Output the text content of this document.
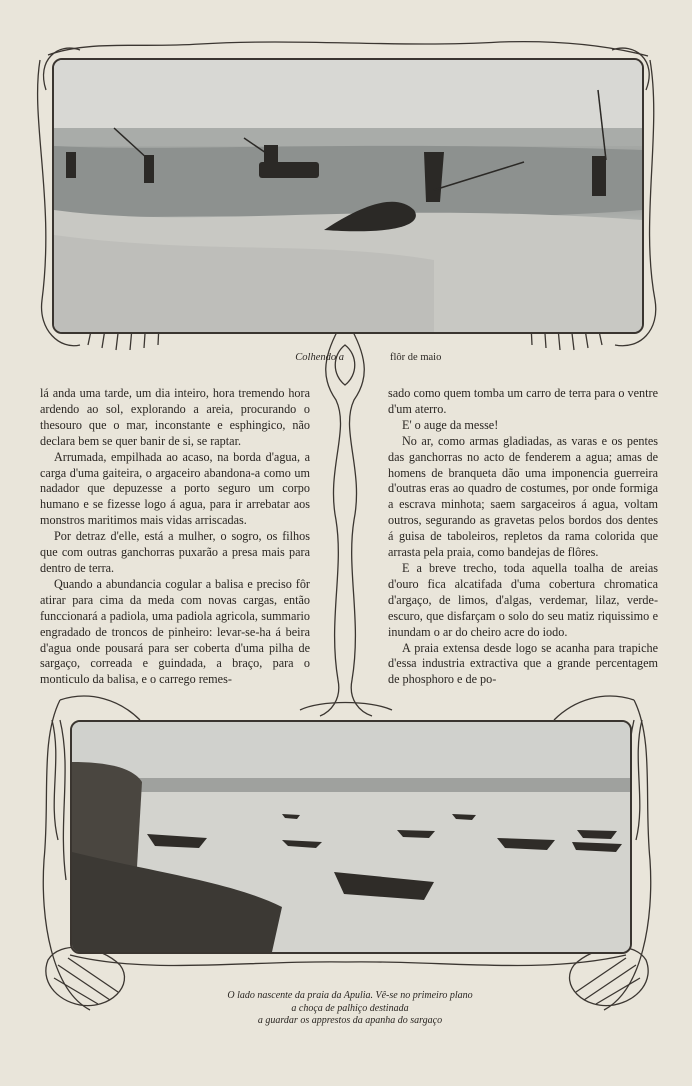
Colhendo a	flôr de maio

lá anda uma tarde, um dia inteiro, hora tremendo hora ardendo ao sol, explorando a areia, procurando o thesouro que o mar, inconstante e esphingico, não declara bem se quer banir de si, se raptar.

Arrumada, empilhada ao acaso, na borda d'agua, a carga d'uma gaiteira, o argaceiro abandona-a como um nadador que depuzesse a porto seguro um corpo humano e se fizesse logo á agua, para ir arrebatar aos monstros maritimos mais vidas arriscadas.

Por detraz d'elle, está a mulher, o sogro, os filhos que com outras ganchorras puxarão a presa mais para dentro de terra.

Quando a abundancia cogular a balisa e preciso fôr atirar para cima da meda com novas cargas, então funccionará a padiola, uma padiola agricola, summario engradado de troncos de pinheiro: levar-se-ha á beira d'agua onde pousará para ser coberta d'uma pilha de sargaço, correada e guindada, a braço, para o monticulo da balisa, e o carrego remes-

sado como quem tomba um carro de terra para o ventre d'um aterro.

E' o auge da messe!

No ar, como armas gladiadas, as varas e os pentes das ganchorras no acto de fenderem a agua; amas de homens de branqueta dão uma imponencia guerreira d'outras eras ao quadro de costumes, por onde formiga a escrava minhota; saem sargaceiros á agua, voltam outros, segurando as gravetas pelos bordos dos dentes á guisa de taboleiros, repletos da rama colorida que arrasta pela praia, como bandejas de flôres.

E a breve trecho, toda aquella toalha de areias d'ouro fica alcatifada d'uma cobertura chromatica d'argaço, de limos, d'algas, verdemar, lilaz, verde-escuro, que disfarçam o solo do seu matiz riquissimo e inundam o ar do cheiro acre do iodo.

A praia extensa desde logo se acanha para trapiche d'essa industria extractiva que a grande percentagem de phosphoro e de po-

O lado nascente da praia da Apulia. Vê-se no primeiro plano
a choça de palhiço destinada
a guardar os apprestos da apanha do sargaço
